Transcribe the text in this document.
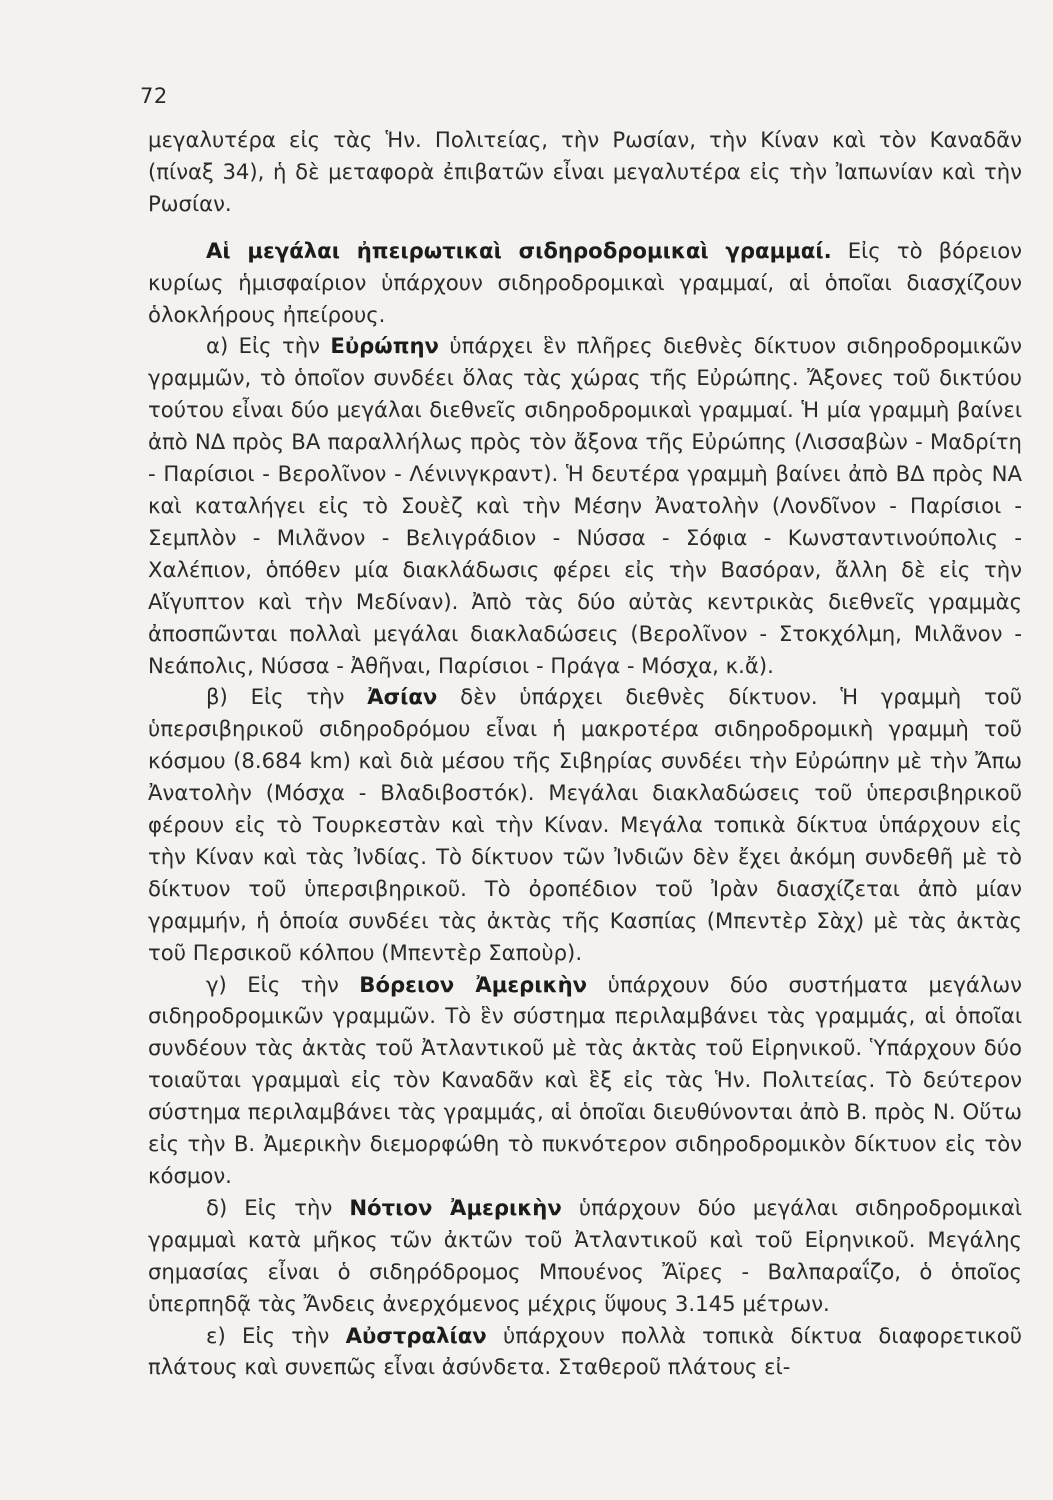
72

μεγαλυτέρα εἰς τὰς Ἡν. Πολιτείας, τὴν Ρωσίαν, τὴν Κίναν καὶ τὸν Καναδᾶν (πίναξ 34), ἡ δὲ μεταφορὰ ἐπιβατῶν εἶναι μεγαλυτέρα εἰς τὴν Ἰαπωνίαν καὶ τὴν Ρωσίαν.

Αἱ μεγάλαι ἠπειρωτικαὶ σιδηροδρομικαὶ γραμμαί. Εἰς τὸ βόρειον κυρίως ἡμισφαίριον ὑπάρχουν σιδηροδρομικαὶ γραμμαί, αἱ ὁποῖαι διασχίζουν ὁλοκλήρους ἠπείρους.

α) Εἰς τὴν Εὐρώπην ὑπάρχει ἓν πλῆρες διεθνὲς δίκτυον σιδηροδρομικῶν γραμμῶν, τὸ ὁποῖον συνδέει ὅλας τὰς χώρας τῆς Εὐρώπης. Ἄξονες τοῦ δικτύου τούτου εἶναι δύο μεγάλαι διεθνεῖς σιδηροδρομικαὶ γραμμαί. Ἡ μία γραμμὴ βαίνει ἀπὸ ΝΔ πρὸς ΒΑ παραλλήλως πρὸς τὸν ἄξονα τῆς Εὐρώπης (Λισσαβὼν - Μαδρίτη - Παρίσιοι - Βερολῖνον - Λένινγκραντ). Ἡ δευτέρα γραμμὴ βαίνει ἀπὸ ΒΔ πρὸς ΝΑ καὶ καταλήγει εἰς τὸ Σουὲζ καὶ τὴν Μέσην Ἀνατολὴν (Λονδῖνον - Παρίσιοι - Σεμπλὸν - Μιλᾶνον - Βελιγράδιον - Νύσσα - Σόφια - Κωνσταντινούπολις - Χαλέπιον, ὁπόθεν μία διακλάδωσις φέρει εἰς τὴν Βασόραν, ἄλλη δὲ εἰς τὴν Αἴγυπτον καὶ τὴν Μεδίναν). Ἀπὸ τὰς δύο αὐτὰς κεντρικὰς διεθνεῖς γραμμὰς ἀποσπῶνται πολλαὶ μεγάλαι διακλαδώσεις (Βερολῖνον - Στοκχόλμη, Μιλᾶνον - Νεάπολις, Νύσσα - Ἀθῆναι, Παρίσιοι - Πράγα - Μόσχα, κ.ἄ).

β) Εἰς τὴν Ἀσίαν δὲν ὑπάρχει διεθνὲς δίκτυον. Ἡ γραμμὴ τοῦ ὑπερσιβηρικοῦ σιδηροδρόμου εἶναι ἡ μακροτέρα σιδηροδρομικὴ γραμμὴ τοῦ κόσμου (8.684 km) καὶ διὰ μέσου τῆς Σιβηρίας συνδέει τὴν Εὐρώπην μὲ τὴν Ἄπω Ἀνατολὴν (Μόσχα - Βλαδιβοστόκ). Μεγάλαι διακλαδώσεις τοῦ ὑπερσιβηρικοῦ φέρουν εἰς τὸ Τουρκεστὰν καὶ τὴν Κίναν. Μεγάλα τοπικὰ δίκτυα ὑπάρχουν εἰς τὴν Κίναν καὶ τὰς Ἰνδίας. Τὸ δίκτυον τῶν Ἰνδιῶν δὲν ἔχει ἀκόμη συνδεθῆ μὲ τὸ δίκτυον τοῦ ὑπερσιβηρικοῦ. Τὸ ὀροπέδιον τοῦ Ἰρὰν διασχίζεται ἀπὸ μίαν γραμμήν, ἡ ὁποία συνδέει τὰς ἀκτὰς τῆς Κασπίας (Μπεντὲρ Σὰχ) μὲ τὰς ἀκτὰς τοῦ Περσικοῦ κόλπου (Μπεντὲρ Σαποὺρ).

γ) Εἰς τὴν Βόρειον Ἀμερικὴν ὑπάρχουν δύο συστήματα μεγάλων σιδηροδρομικῶν γραμμῶν. Τὸ ἓν σύστημα περιλαμβάνει τὰς γραμμάς, αἱ ὁποῖαι συνδέουν τὰς ἀκτὰς τοῦ Ἀτλαντικοῦ μὲ τὰς ἀκτὰς τοῦ Εἰρηνικοῦ. Ὑπάρχουν δύο τοιαῦται γραμμαὶ εἰς τὸν Καναδᾶν καὶ ἓξ εἰς τὰς Ἡν. Πολιτείας. Τὸ δεύτερον σύστημα περιλαμβάνει τὰς γραμμάς, αἱ ὁποῖαι διευθύνονται ἀπὸ Β. πρὸς Ν. Οὕτω εἰς τὴν Β. Ἀμερικὴν διεμορφώθη τὸ πυκνότερον σιδηροδρομικὸν δίκτυον εἰς τὸν κόσμον.

δ) Εἰς τὴν Νότιον Ἀμερικὴν ὑπάρχουν δύο μεγάλαι σιδηροδρομικαὶ γραμμαὶ κατὰ μῆκος τῶν ἀκτῶν τοῦ Ἀτλαντικοῦ καὶ τοῦ Εἰρηνικοῦ. Μεγάλης σημασίας εἶναι ὁ σιδηρόδρομος Μπουένος Ἄϊρες - Βαλπαραΐζο, ὁ ὁποῖος ὑπερπηδᾷ τὰς Ἄνδεις ἀνερχόμενος μέχρις ὕψους 3.145 μέτρων.

ε) Εἰς τὴν Αὐστραλίαν ὑπάρχουν πολλὰ τοπικὰ δίκτυα διαφορετικοῦ πλάτους καὶ συνεπῶς εἶναι ἀσύνδετα. Σταθεροῦ πλάτους εἰ-
